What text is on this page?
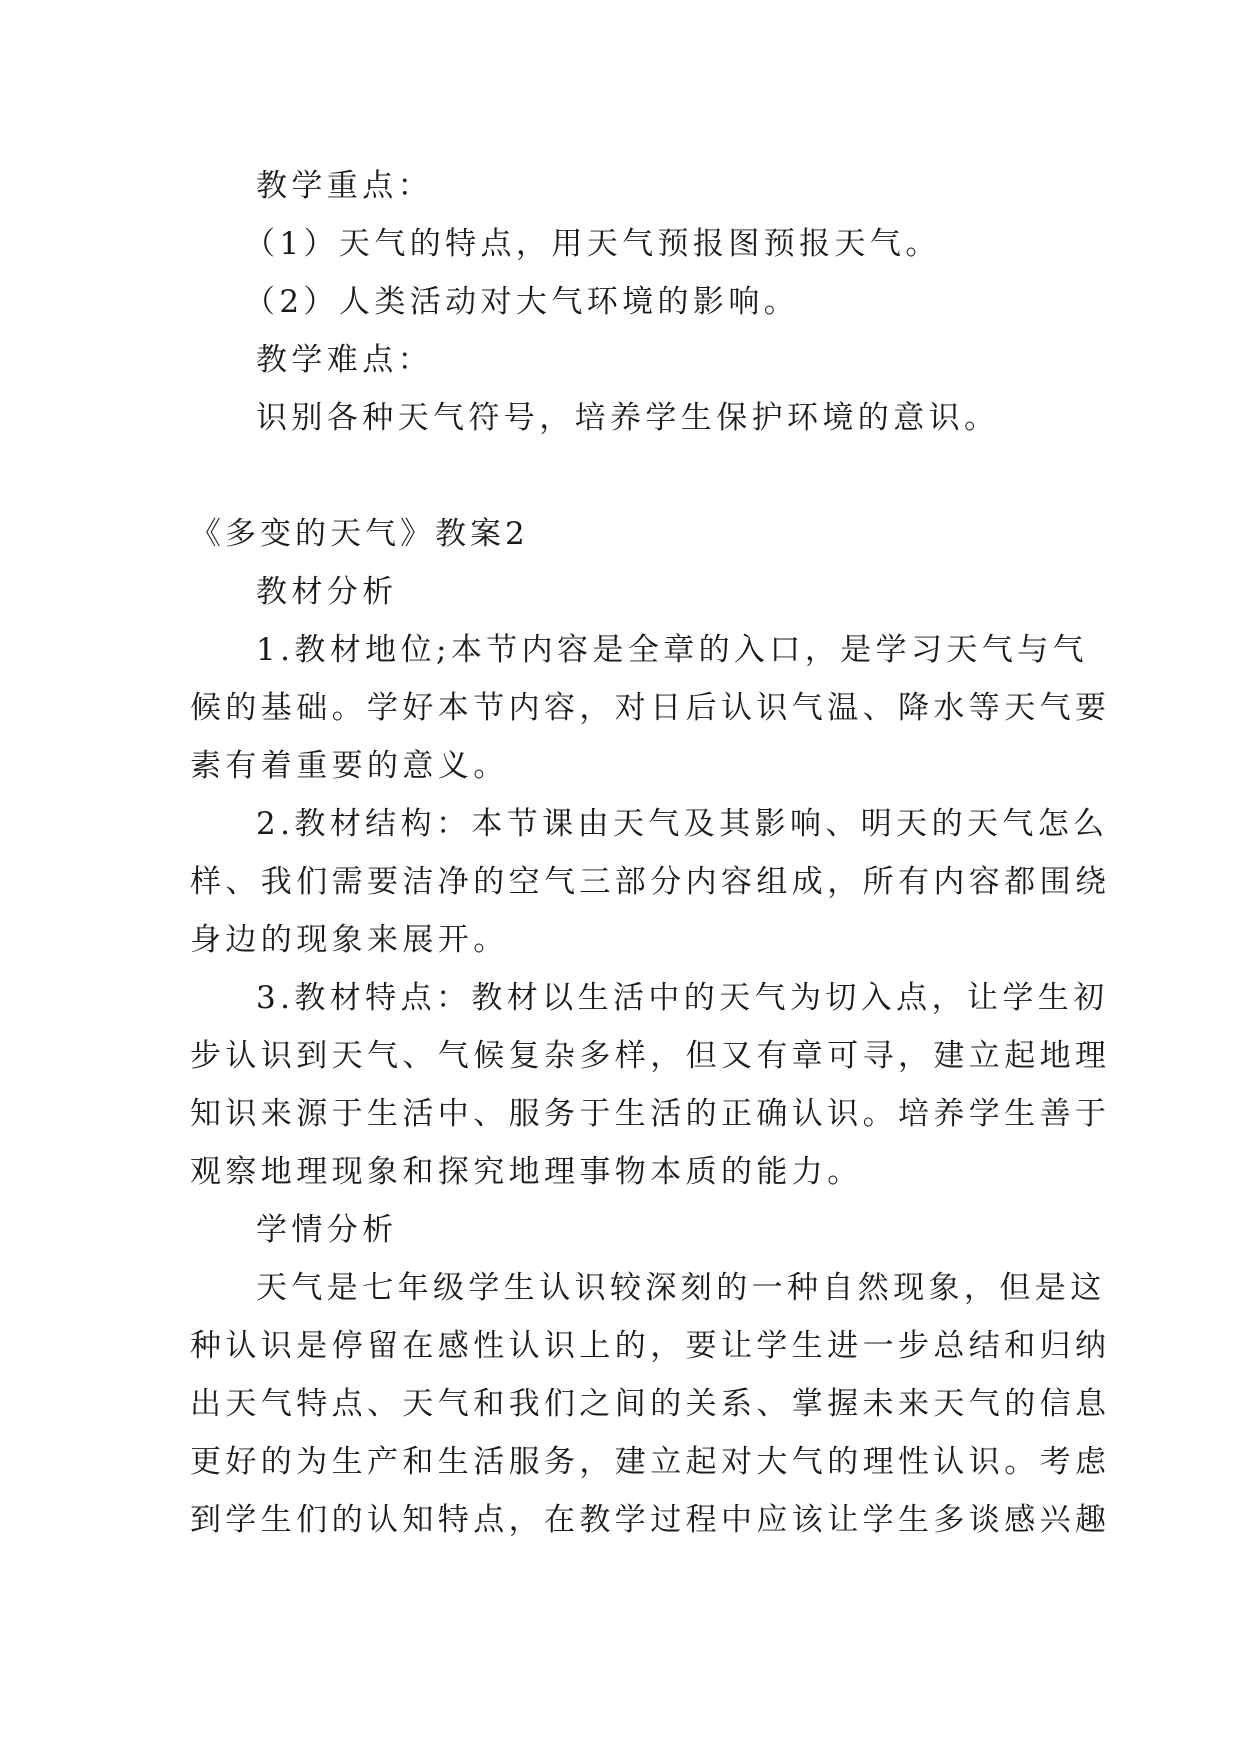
教学重点：
（1）天气的特点，用天气预报图预报天气。
（2）人类活动对大气环境的影响。
教学难点：
识别各种天气符号，培养学生保护环境的意识。
《多变的天气》教案2
教材分析
1.教材地位;本节内容是全章的入口，是学习天气与气
候的基础。学好本节内容，对日后认识气温、降水等天气要
素有着重要的意义。
2.教材结构：本节课由天气及其影响、明天的天气怎么
样、我们需要洁净的空气三部分内容组成，所有内容都围绕
身边的现象来展开。
3.教材特点：教材以生活中的天气为切入点，让学生初
步认识到天气、气候复杂多样，但又有章可寻，建立起地理
知识来源于生活中、服务于生活的正确认识。培养学生善于
观察地理现象和探究地理事物本质的能力。
学情分析
天气是七年级学生认识较深刻的一种自然现象，但是这
种认识是停留在感性认识上的，要让学生进一步总结和归纳
出天气特点、天气和我们之间的关系、掌握未来天气的信息
更好的为生产和生活服务，建立起对大气的理性认识。考虑
到学生们的认知特点，在教学过程中应该让学生多谈感兴趣
